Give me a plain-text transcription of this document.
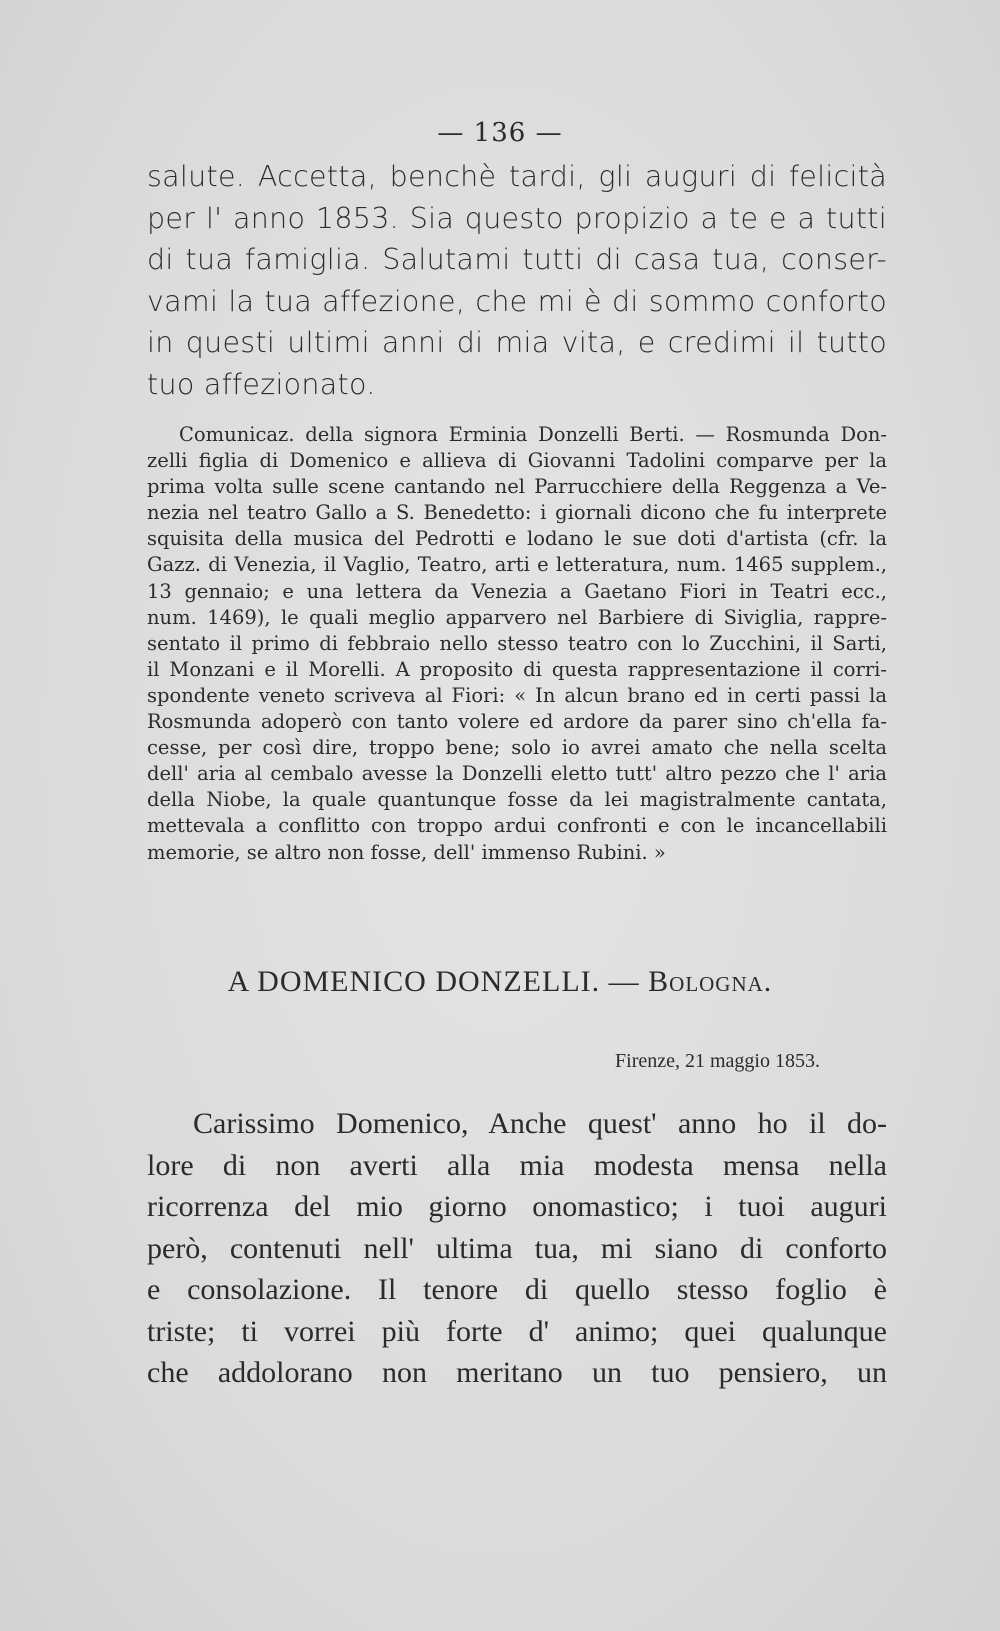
— 136 —
salute. Accetta, benchè tardi, gli auguri di felicità
per l' anno 1853. Sia questo propizio a te e a tutti
di tua famiglia. Salutami tutti di casa tua, conser-
vami la tua affezione, che mi è di sommo conforto
in questi ultimi anni di mia vita, e credimi il tutto
tuo affezionato.
Comunicaz. della signora Erminia Donzelli Berti. — Rosmunda Don-
zelli figlia di Domenico e allieva di Giovanni Tadolini comparve per la
prima volta sulle scene cantando nel Parrucchiere della Reggenza a Ve-
nezia nel teatro Gallo a S. Benedetto: i giornali dicono che fu interprete
squisita della musica del Pedrotti e lodano le sue doti d'artista (cfr. la
Gazz. di Venezia, il Vaglio, Teatro, arti e letteratura, num. 1465 supplem.,
13 gennaio; e una lettera da Venezia a Gaetano Fiori in Teatri ecc.,
num. 1469), le quali meglio apparvero nel Barbiere di Siviglia, rappre-
sentato il primo di febbraio nello stesso teatro con lo Zucchini, il Sarti,
il Monzani e il Morelli. A proposito di questa rappresentazione il corri-
spondente veneto scriveva al Fiori: « In alcun brano ed in certi passi la
Rosmunda adoperò con tanto volere ed ardore da parer sino ch'ella fa-
cesse, per così dire, troppo bene; solo io avrei amato che nella scelta
dell' aria al cembalo avesse la Donzelli eletto tutt' altro pezzo che l' aria
della Niobe, la quale quantunque fosse da lei magistralmente cantata,
mettevala a conflitto con troppo ardui confronti e con le incancellabili
memorie, se altro non fosse, dell' immenso Rubini. »
A DOMENICO DONZELLI. — Bologna.
Firenze, 21 maggio 1853.
Carissimo Domenico, Anche quest' anno ho il do-
lore di non averti alla mia modesta mensa nella
ricorrenza del mio giorno onomastico; i tuoi auguri
però, contenuti nell' ultima tua, mi siano di conforto
e consolazione. Il tenore di quello stesso foglio è
triste; ti vorrei più forte d' animo; quei qualunque
che addolorano non meritano un tuo pensiero, un
